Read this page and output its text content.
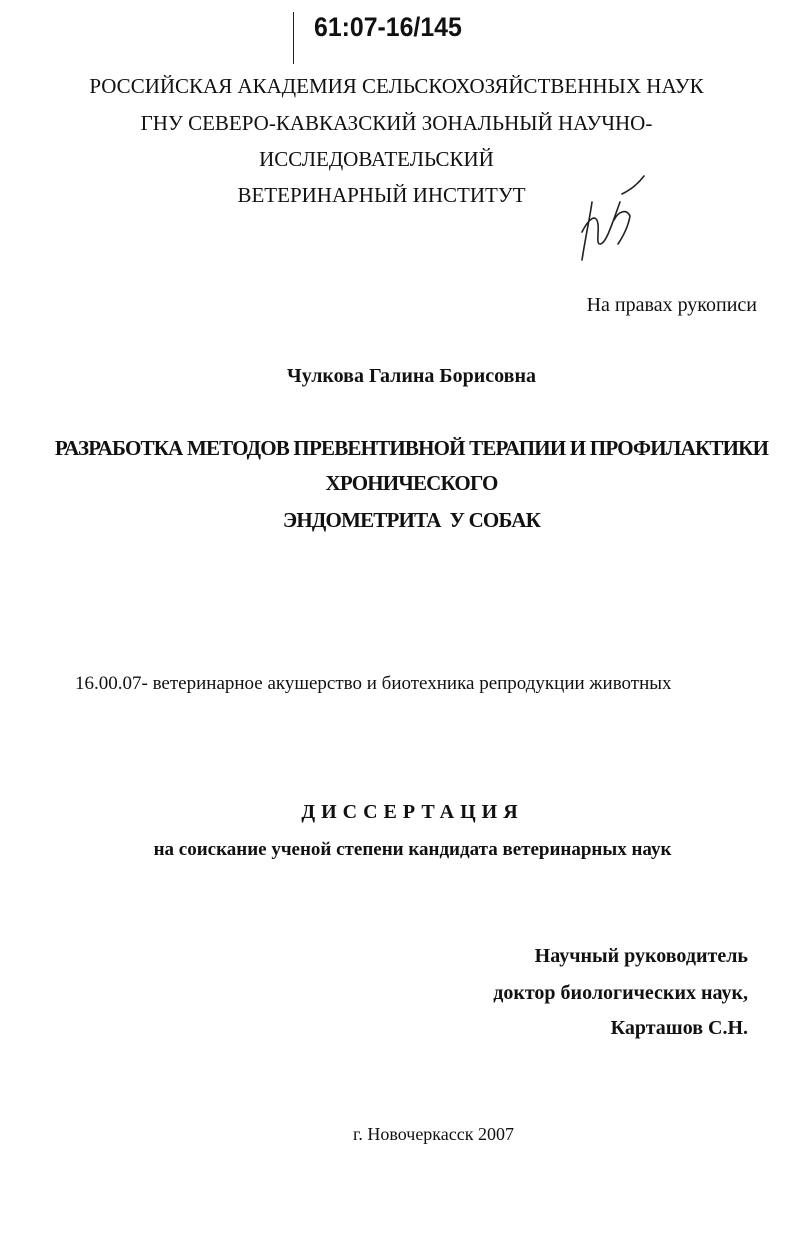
61:07-16/145
РОССИЙСКАЯ АКАДЕМИЯ СЕЛЬСКОХОЗЯЙСТВЕННЫХ НАУК
ГНУ СЕВЕРО-КАВКАЗСКИЙ ЗОНАЛЬНЫЙ НАУЧНО-
ИССЛЕДОВАТЕЛЬСКИЙ
ВЕТЕРИНАРНЫЙ ИНСТИТУТ
На правах рукописи
Чулкова Галина Борисовна
РАЗРАБОТКА МЕТОДОВ ПРЕВЕНТИВНОЙ ТЕРАПИИ И ПРОФИЛАКТИКИ
ХРОНИЧЕСКОГО
ЭНДОМЕТРИТА  У СОБАК
16.00.07- ветеринарное акушерство и биотехника репродукции животных
ДИССЕРТАЦИЯ
на соискание ученой степени кандидата ветеринарных наук
Научный руководитель
доктор биологических наук,
Карташов С.Н.
г. Новочеркасск 2007
